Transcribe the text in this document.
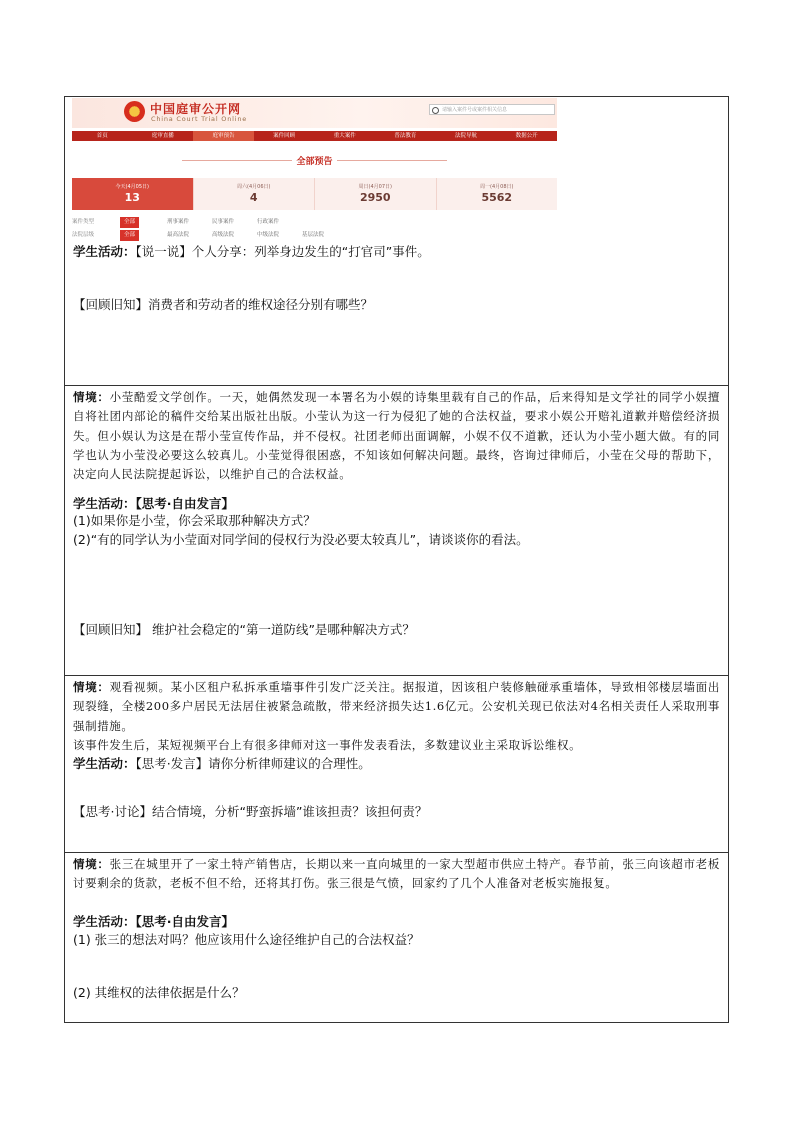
中国庭审公开网
China Court Trial Online
请输入案件号或案件相关信息
首页	庭审直播	庭审预告	案件回顾	重大案件	普法教育	法院导航	数据公开
全部预告
今天(4月05日)
13
周六(4月06日)
4
周日(4月07日)
2950
周一(4月08日)
5562
案件类型	全部	刑事案件	民事案件	行政案件
法院层级	全部	最高法院	高级法院	中级法院	基层法院
学生活动：【说一说】个人分享：列举身边发生的“打官司”事件。
【回顾旧知】消费者和劳动者的维权途径分别有哪些？
情境：小莹酷爱文学创作。一天，她偶然发现一本署名为小娱的诗集里载有自己的作品，后来得知是文学社的同学小娱擅自将社团内部论的稿件交给某出版社出版。小莹认为这一行为侵犯了她的合法权益，要求小娱公开赔礼道歉并赔偿经济损失。但小娱认为这是在帮小莹宣传作品，并不侵权。社团老师出面调解，小娱不仅不道歉，还认为小莹小题大做。有的同学也认为小莹没必要这么较真儿。小莹觉得很困惑，不知该如何解决问题。最终，咨询过律师后，小莹在父母的帮助下，决定向人民法院提起诉讼，以维护自己的合法权益。
学生活动：【思考·自由发言】
(1)如果你是小莹，你会采取那种解决方式？
(2)“有的同学认为小莹面对同学间的侵权行为没必要太较真儿”，请谈谈你的看法。
【回顾旧知】 维护社会稳定的“第一道防线”是哪种解决方式？
情境：观看视频。某小区租户私拆承重墙事件引发广泛关注。据报道，因该租户装修触碰承重墙体，导致相邻楼层墙面出现裂缝，全楼200多户居民无法居住被紧急疏散，带来经济损失达1.6亿元。公安机关现已依法对4名相关责任人采取刑事强制措施。
该事件发生后，某短视频平台上有很多律师对这一事件发表看法，多数建议业主采取诉讼维权。
学生活动：【思考·发言】请你分析律师建议的合理性。
【思考·讨论】结合情境，分析“野蛮拆墙”谁该担责？该担何责？
情境：张三在城里开了一家土特产销售店，长期以来一直向城里的一家大型超市供应土特产。春节前，张三向该超市老板讨要剩余的货款，老板不但不给，还将其打伤。张三很是气愤，回家约了几个人准备对老板实施报复。
学生活动：【思考·自由发言】
(1) 张三的想法对吗？他应该用什么途径维护自己的合法权益？
(2) 其维权的法律依据是什么？
